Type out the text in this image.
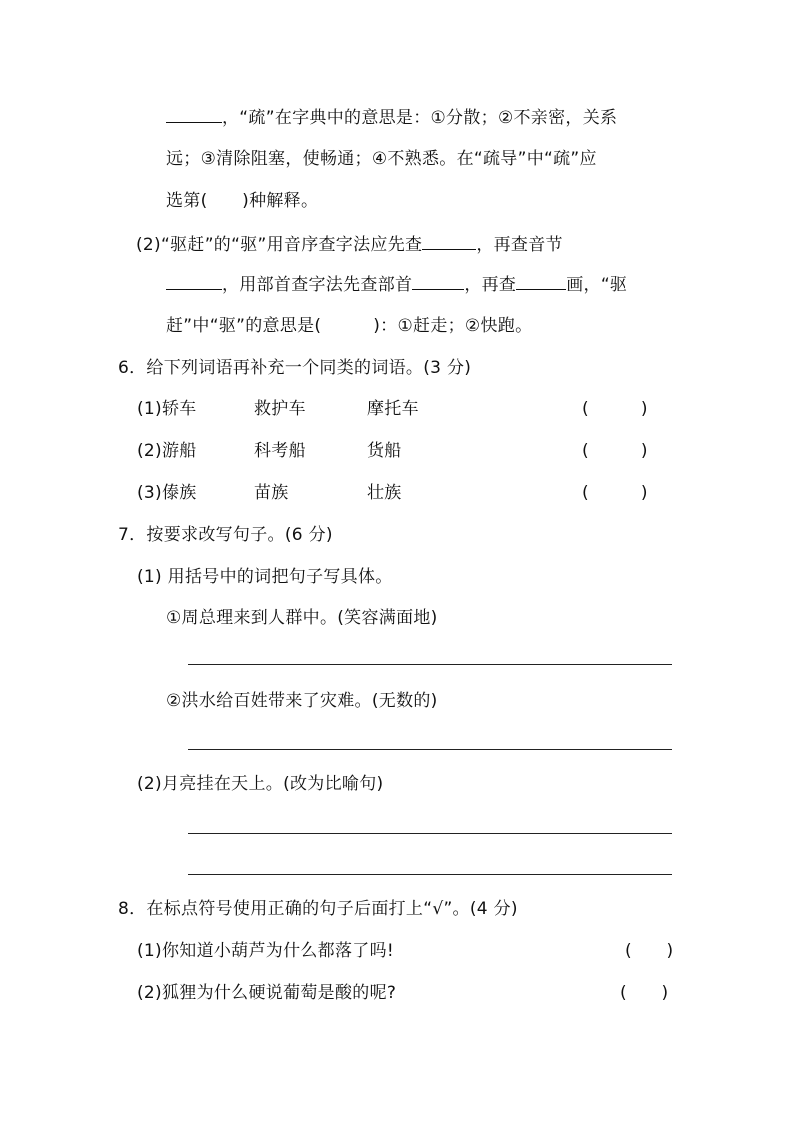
，“疏”在字典中的意思是：①分散；②不亲密，关系
远；③清除阻塞，使畅通；④不熟悉。在“疏导”中“疏”应
选第(　　)种解释。
(2)“驱赶”的“驱”用音序查字法应先查	，再查音节
，用部首查字法先查部首	，再查	画，“驱
赶”中“驱”的意思是(　　　)：①赶走；②快跑。
6．给下列词语再补充一个同类的词语。(3 分)
(1)轿车	救护车	摩托车	(　　　)
(2)游船	科考船	货船	(　　　)
(3)傣族	苗族	壮族	(　　　)
7．按要求改写句子。(6 分)
(1) 用括号中的词把句子写具体。
①周总理来到人群中。(笑容满面地)
②洪水给百姓带来了灾难。(无数的)
(2)月亮挂在天上。(改为比喻句)
8．在标点符号使用正确的句子后面打上“√”。(4 分)
(1)你知道小葫芦为什么都落了吗!	(　　)
(2)狐狸为什么硬说葡萄是酸的呢?	(　　)
